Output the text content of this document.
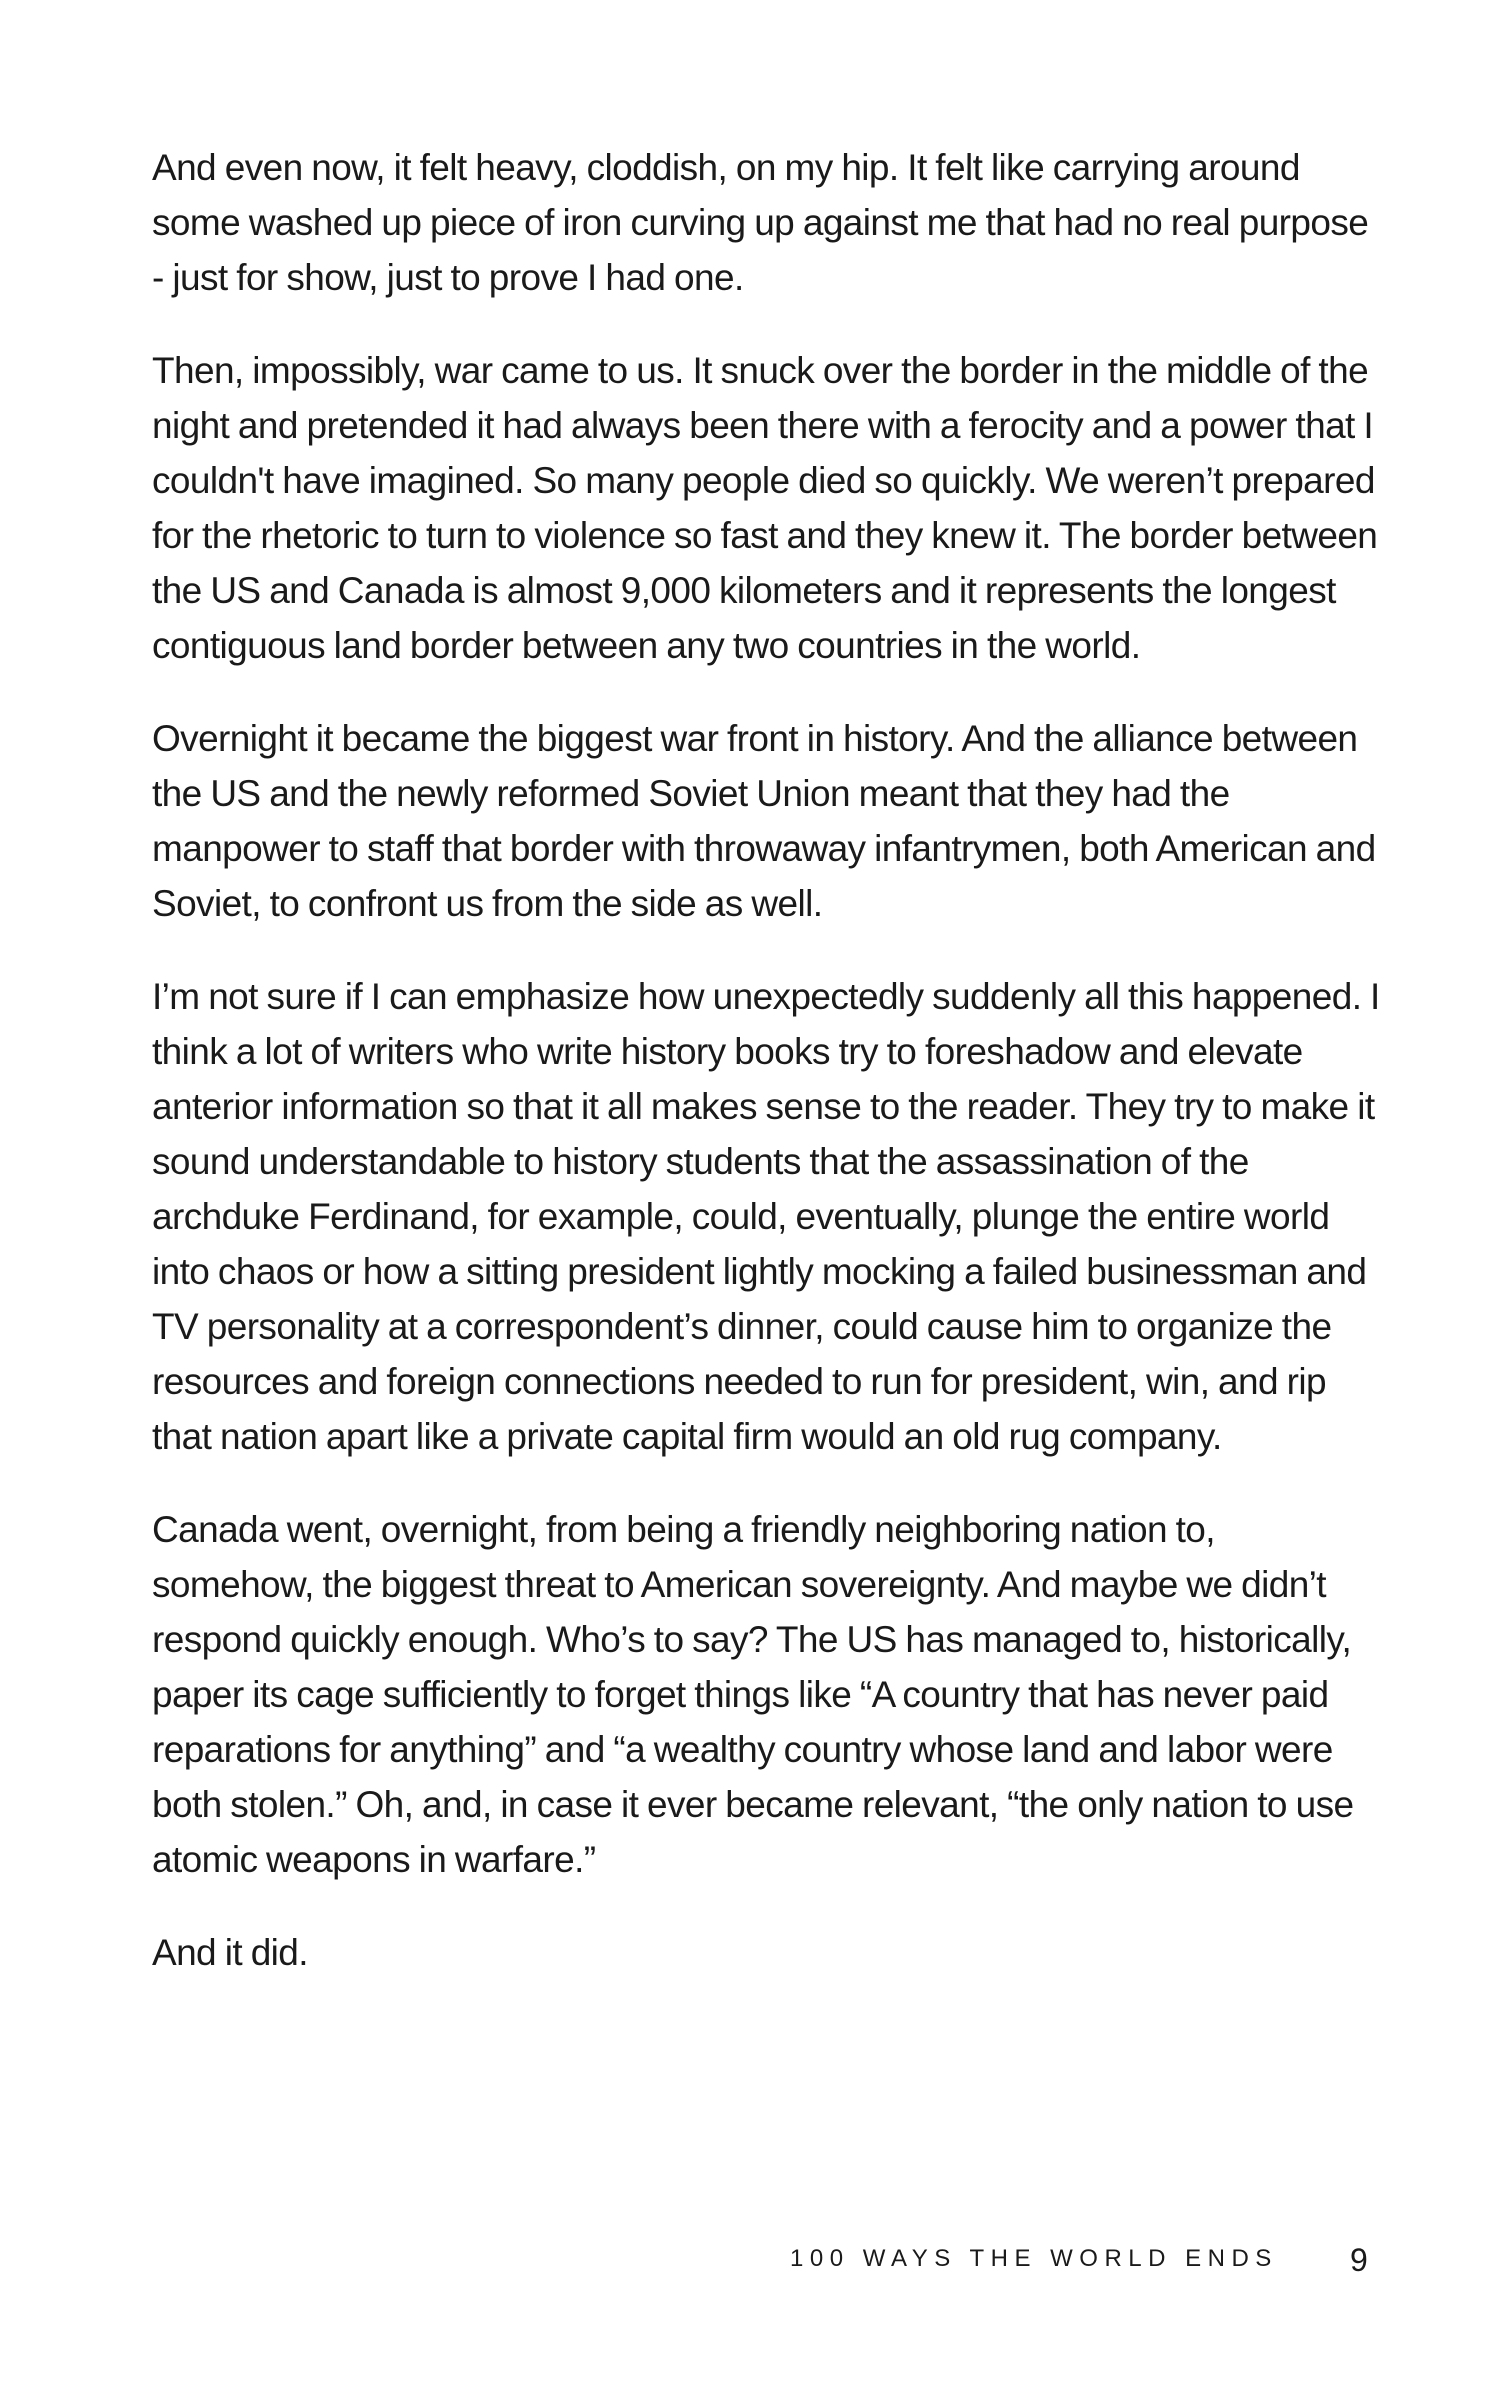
And even now, it felt heavy, cloddish, on my hip. It felt like carrying around some washed up piece of iron curving up against me that had no real purpose - just for show, just to prove I had one.

Then, impossibly, war came to us. It snuck over the border in the middle of the night and pretended it had always been there with a ferocity and a power that I couldn't have imagined. So many people died so quickly. We weren’t prepared for the rhetoric to turn to violence so fast and they knew it. The border between the US and Canada is almost 9,000 kilometers and it represents the longest contiguous land border between any two countries in the world.

Overnight it became the biggest war front in history. And the alliance between the US and the newly reformed Soviet Union meant that they had the manpower to staff that border with throwaway infantrymen, both American and Soviet, to confront us from the side as well.

I’m not sure if I can emphasize how unexpectedly suddenly all this happened. I think a lot of writers who write history books try to foreshadow and elevate anterior information so that it all makes sense to the reader. They try to make it sound understandable to history students that the assassination of the archduke Ferdinand, for example, could, eventually, plunge the entire world into chaos or how a sitting president lightly mocking a failed businessman and TV personality at a correspondent’s dinner, could cause him to organize the resources and foreign connections needed to run for president, win, and rip that nation apart like a private capital firm would an old rug company.

Canada went, overnight, from being a friendly neighboring nation to, somehow, the biggest threat to American sovereignty. And maybe we didn’t respond quickly enough. Who’s to say? The US has managed to, historically, paper its cage sufficiently to forget things like “A country that has never paid reparations for anything” and “a wealthy country whose land and labor were both stolen.” Oh, and, in case it ever became relevant, “the only nation to use atomic weapons in warfare.”

And it did.

100 WAYS THE WORLD ENDS 9
